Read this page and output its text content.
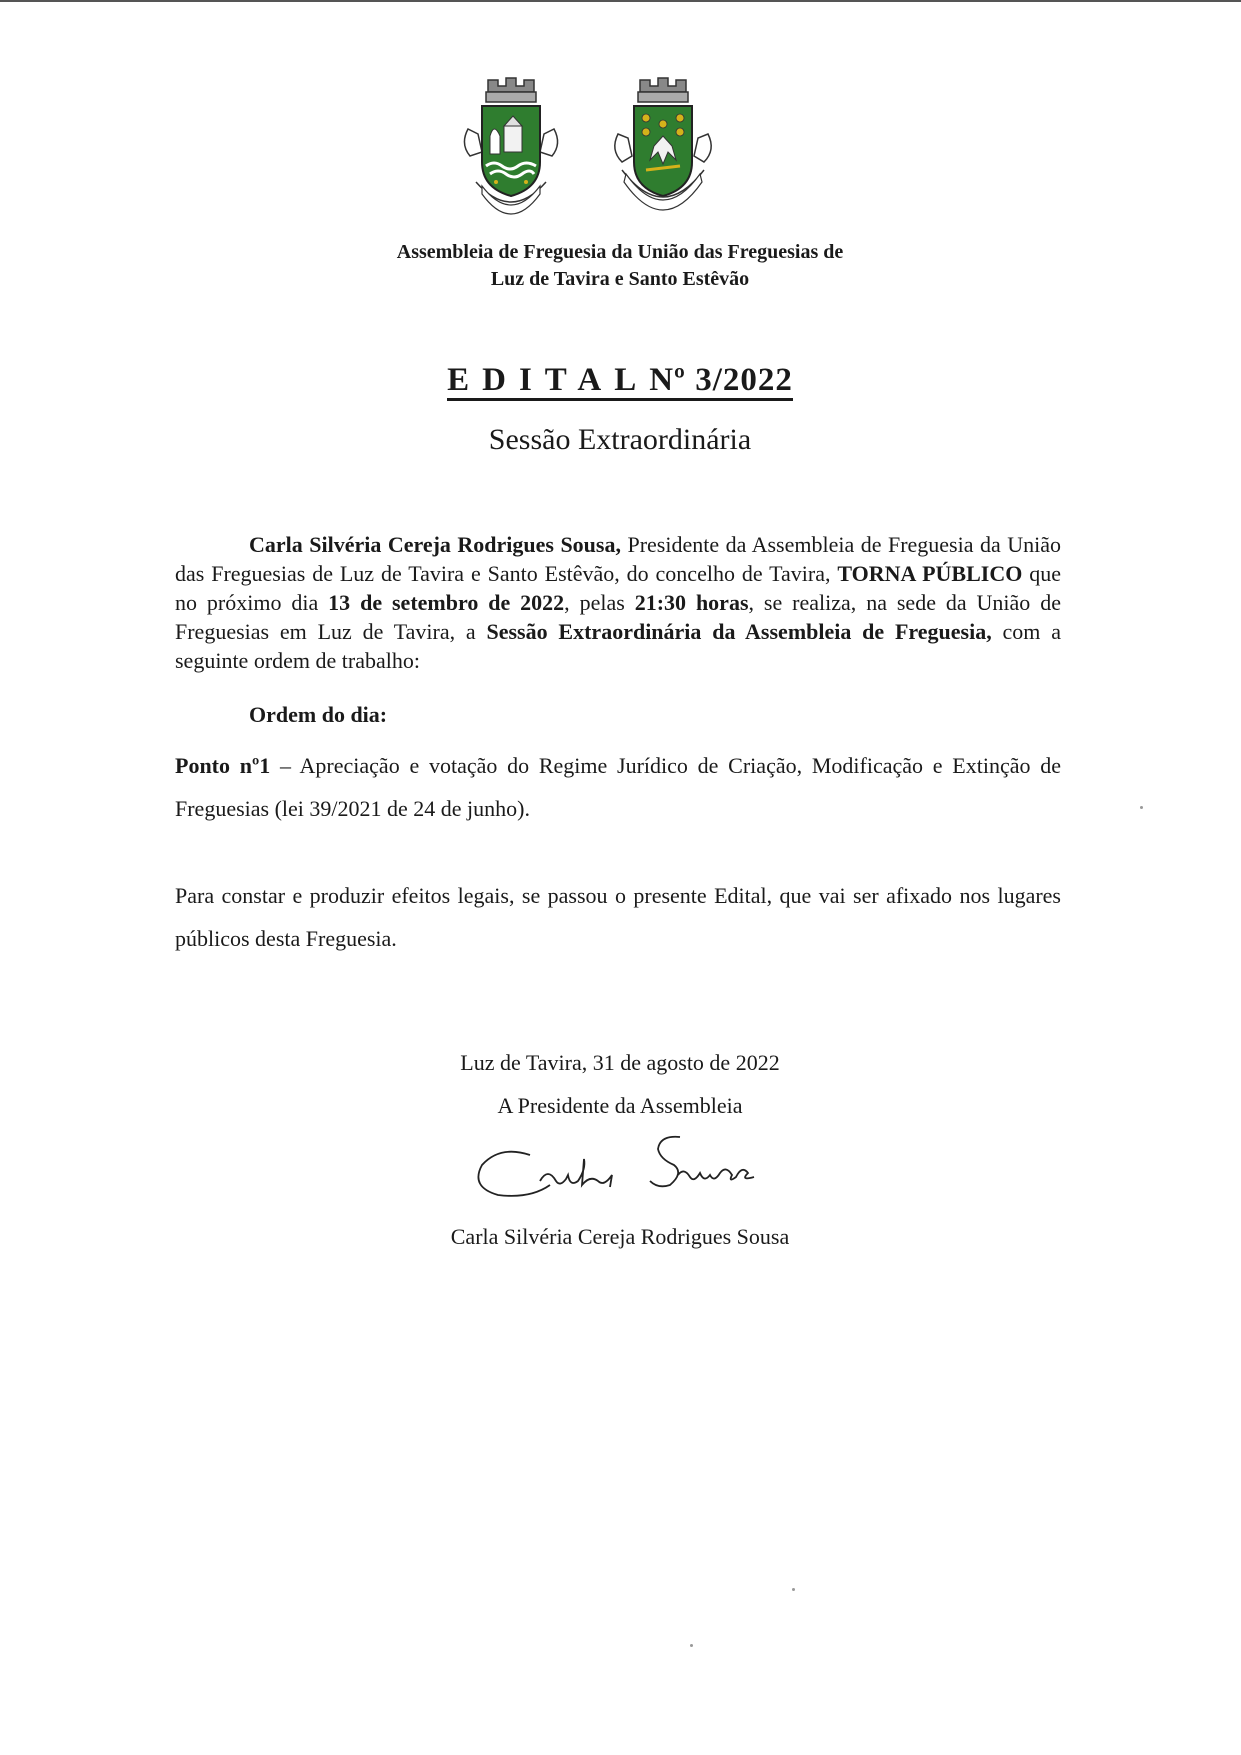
Assembleia de Freguesia da União das Freguesias de
Luz de Tavira e Santo Estêvão
EDITALNº 3/2022
Sessão Extraordinária
Carla Silvéria Cereja Rodrigues Sousa, Presidente da Assembleia de Freguesia da União das Freguesias de Luz de Tavira e Santo Estêvão, do concelho de Tavira, TORNA PÚBLICO que no próximo dia 13 de setembro de 2022, pelas 21:30 horas, se realiza, na sede da União de Freguesias em Luz de Tavira, a Sessão Extraordinária da Assembleia de Freguesia, com a seguinte ordem de trabalho:
Ordem do dia:
Ponto nº1 – Apreciação e votação do Regime Jurídico de Criação, Modificação e Extinção de Freguesias (lei 39/2021 de 24 de junho).
Para constar e produzir efeitos legais, se passou o presente Edital, que vai ser afixado nos lugares públicos desta Freguesia.
Luz de Tavira, 31 de agosto de 2022
A Presidente da Assembleia
Carla Silvéria Cereja Rodrigues Sousa
